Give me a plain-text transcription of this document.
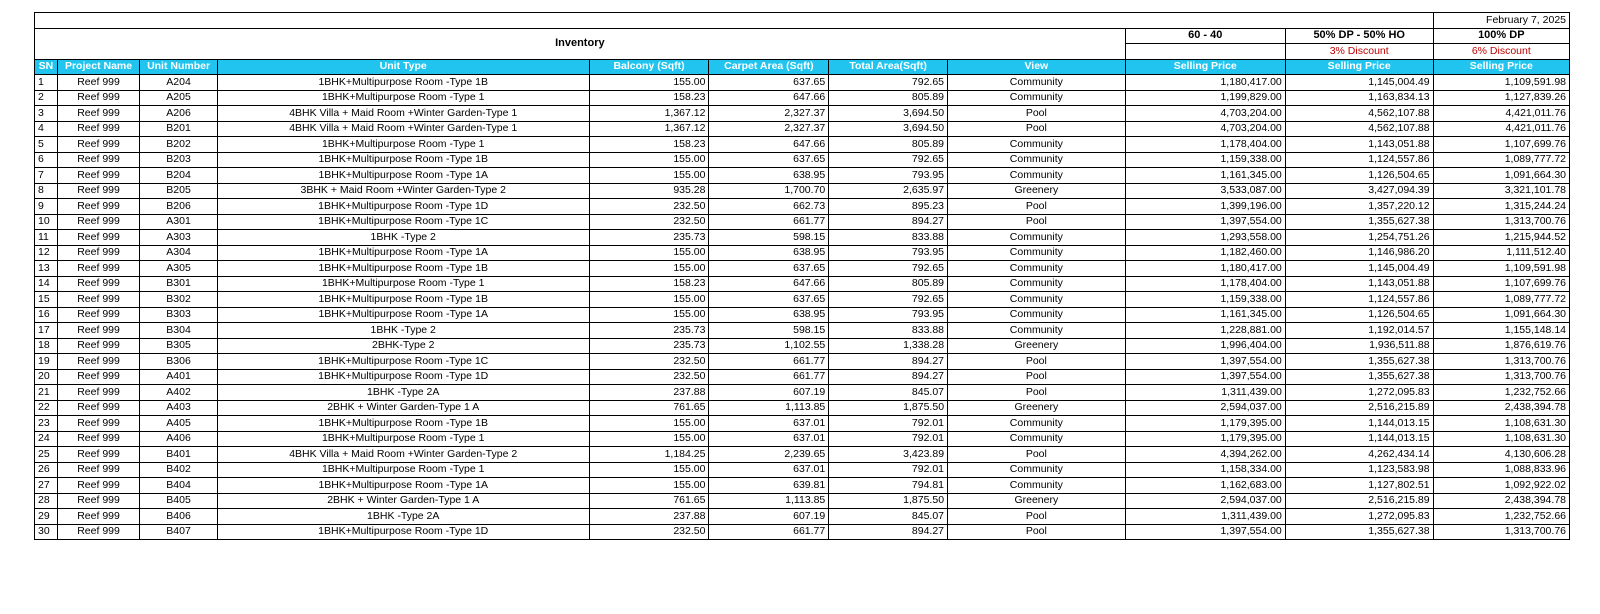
										February 7, 2025
Inventory								60 - 40	50% DP - 50% HO	100% DP
									3% Discount	6% Discount
SN	Project Name	Unit Number	Unit Type	Balcony (Sqft)	Carpet Area (Sqft)	Total Area(Sqft)	View	Selling Price	Selling Price	Selling Price
1	Reef 999	A204	1BHK+Multipurpose Room -Type 1B	155.00	637.65	792.65	Community	1,180,417.00	1,145,004.49	1,109,591.98
2	Reef 999	A205	1BHK+Multipurpose Room -Type 1	158.23	647.66	805.89	Community	1,199,829.00	1,163,834.13	1,127,839.26
3	Reef 999	A206	4BHK Villa + Maid Room +Winter Garden-Type 1	1,367.12	2,327.37	3,694.50	Pool	4,703,204.00	4,562,107.88	4,421,011.76
4	Reef 999	B201	4BHK Villa + Maid Room +Winter Garden-Type 1	1,367.12	2,327.37	3,694.50	Pool	4,703,204.00	4,562,107.88	4,421,011.76
5	Reef 999	B202	1BHK+Multipurpose Room -Type 1	158.23	647.66	805.89	Community	1,178,404.00	1,143,051.88	1,107,699.76
6	Reef 999	B203	1BHK+Multipurpose Room -Type 1B	155.00	637.65	792.65	Community	1,159,338.00	1,124,557.86	1,089,777.72
7	Reef 999	B204	1BHK+Multipurpose Room -Type 1A	155.00	638.95	793.95	Community	1,161,345.00	1,126,504.65	1,091,664.30
8	Reef 999	B205	3BHK + Maid Room +Winter Garden-Type 2	935.28	1,700.70	2,635.97	Greenery	3,533,087.00	3,427,094.39	3,321,101.78
9	Reef 999	B206	1BHK+Multipurpose Room -Type 1D	232.50	662.73	895.23	Pool	1,399,196.00	1,357,220.12	1,315,244.24
10	Reef 999	A301	1BHK+Multipurpose Room -Type 1C	232.50	661.77	894.27	Pool	1,397,554.00	1,355,627.38	1,313,700.76
11	Reef 999	A303	1BHK -Type 2	235.73	598.15	833.88	Community	1,293,558.00	1,254,751.26	1,215,944.52
12	Reef 999	A304	1BHK+Multipurpose Room -Type 1A	155.00	638.95	793.95	Community	1,182,460.00	1,146,986.20	1,111,512.40
13	Reef 999	A305	1BHK+Multipurpose Room -Type 1B	155.00	637.65	792.65	Community	1,180,417.00	1,145,004.49	1,109,591.98
14	Reef 999	B301	1BHK+Multipurpose Room -Type 1	158.23	647.66	805.89	Community	1,178,404.00	1,143,051.88	1,107,699.76
15	Reef 999	B302	1BHK+Multipurpose Room -Type 1B	155.00	637.65	792.65	Community	1,159,338.00	1,124,557.86	1,089,777.72
16	Reef 999	B303	1BHK+Multipurpose Room -Type 1A	155.00	638.95	793.95	Community	1,161,345.00	1,126,504.65	1,091,664.30
17	Reef 999	B304	1BHK -Type 2	235.73	598.15	833.88	Community	1,228,881.00	1,192,014.57	1,155,148.14
18	Reef 999	B305	2BHK-Type 2	235.73	1,102.55	1,338.28	Greenery	1,996,404.00	1,936,511.88	1,876,619.76
19	Reef 999	B306	1BHK+Multipurpose Room -Type 1C	232.50	661.77	894.27	Pool	1,397,554.00	1,355,627.38	1,313,700.76
20	Reef 999	A401	1BHK+Multipurpose Room -Type 1D	232.50	661.77	894.27	Pool	1,397,554.00	1,355,627.38	1,313,700.76
21	Reef 999	A402	1BHK -Type 2A	237.88	607.19	845.07	Pool	1,311,439.00	1,272,095.83	1,232,752.66
22	Reef 999	A403	2BHK + Winter Garden-Type 1 A	761.65	1,113.85	1,875.50	Greenery	2,594,037.00	2,516,215.89	2,438,394.78
23	Reef 999	A405	1BHK+Multipurpose Room -Type 1B	155.00	637.01	792.01	Community	1,179,395.00	1,144,013.15	1,108,631.30
24	Reef 999	A406	1BHK+Multipurpose Room -Type 1	155.00	637.01	792.01	Community	1,179,395.00	1,144,013.15	1,108,631.30
25	Reef 999	B401	4BHK Villa + Maid Room +Winter Garden-Type 2	1,184.25	2,239.65	3,423.89	Pool	4,394,262.00	4,262,434.14	4,130,606.28
26	Reef 999	B402	1BHK+Multipurpose Room -Type 1	155.00	637.01	792.01	Community	1,158,334.00	1,123,583.98	1,088,833.96
27	Reef 999	B404	1BHK+Multipurpose Room -Type 1A	155.00	639.81	794.81	Community	1,162,683.00	1,127,802.51	1,092,922.02
28	Reef 999	B405	2BHK + Winter Garden-Type 1 A	761.65	1,113.85	1,875.50	Greenery	2,594,037.00	2,516,215.89	2,438,394.78
29	Reef 999	B406	1BHK -Type 2A	237.88	607.19	845.07	Pool	1,311,439.00	1,272,095.83	1,232,752.66
30	Reef 999	B407	1BHK+Multipurpose Room -Type 1D	232.50	661.77	894.27	Pool	1,397,554.00	1,355,627.38	1,313,700.76
